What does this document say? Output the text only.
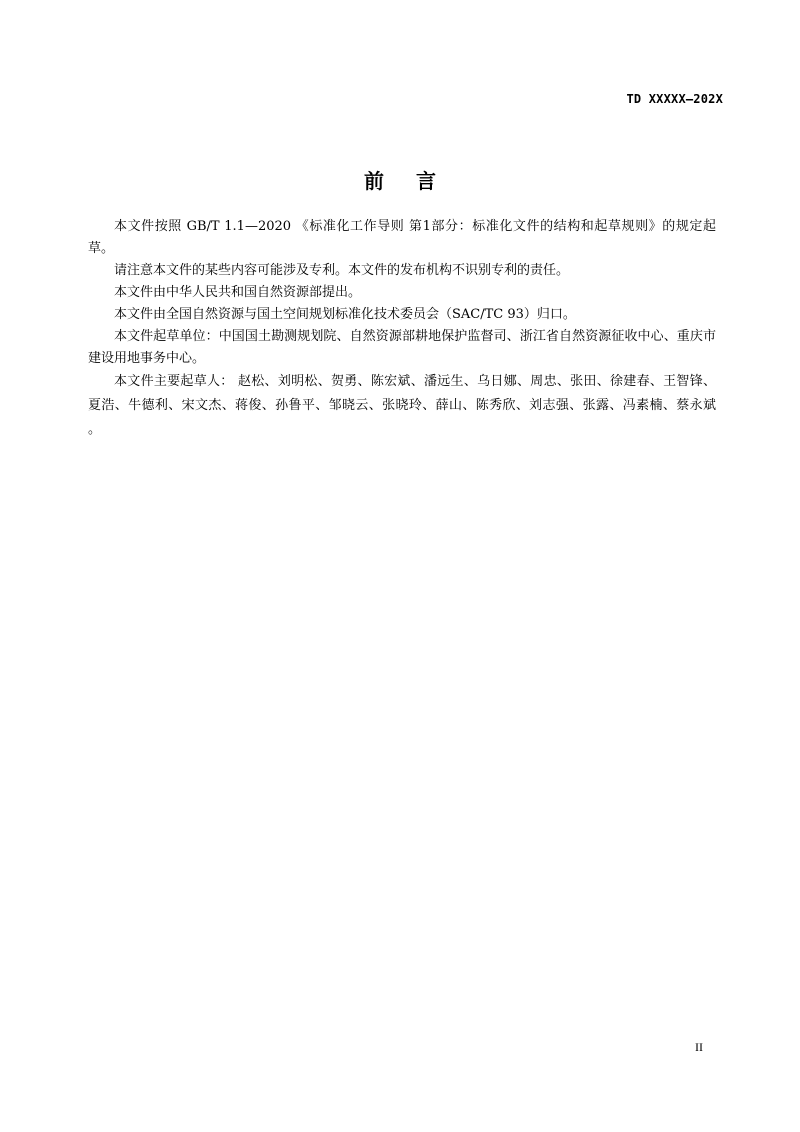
TD XXXXX—202X
前言

本文件按照 GB/T 1.1—2020 《标准化工作导则 第1部分：标准化文件的结构和起草规则》的规定起草。

请注意本文件的某些内容可能涉及专利。本文件的发布机构不识别专利的责任。

本文件由中华人民共和国自然资源部提出。

本文件由全国自然资源与国土空间规划标准化技术委员会（SAC/TC 93）归口。

本文件起草单位：中国国土勘测规划院、自然资源部耕地保护监督司、浙江省自然资源征收中心、重庆市建设用地事务中心。

本文件主要起草人： 赵松、刘明松、贺勇、陈宏斌、潘远生、乌日娜、周忠、张田、徐建春、王智锋、夏浩、牛德利、宋文杰、蒋俊、孙鲁平、邹晓云、张晓玲、薛山、陈秀欣、刘志强、张露、冯素楠、蔡永斌 。

II
